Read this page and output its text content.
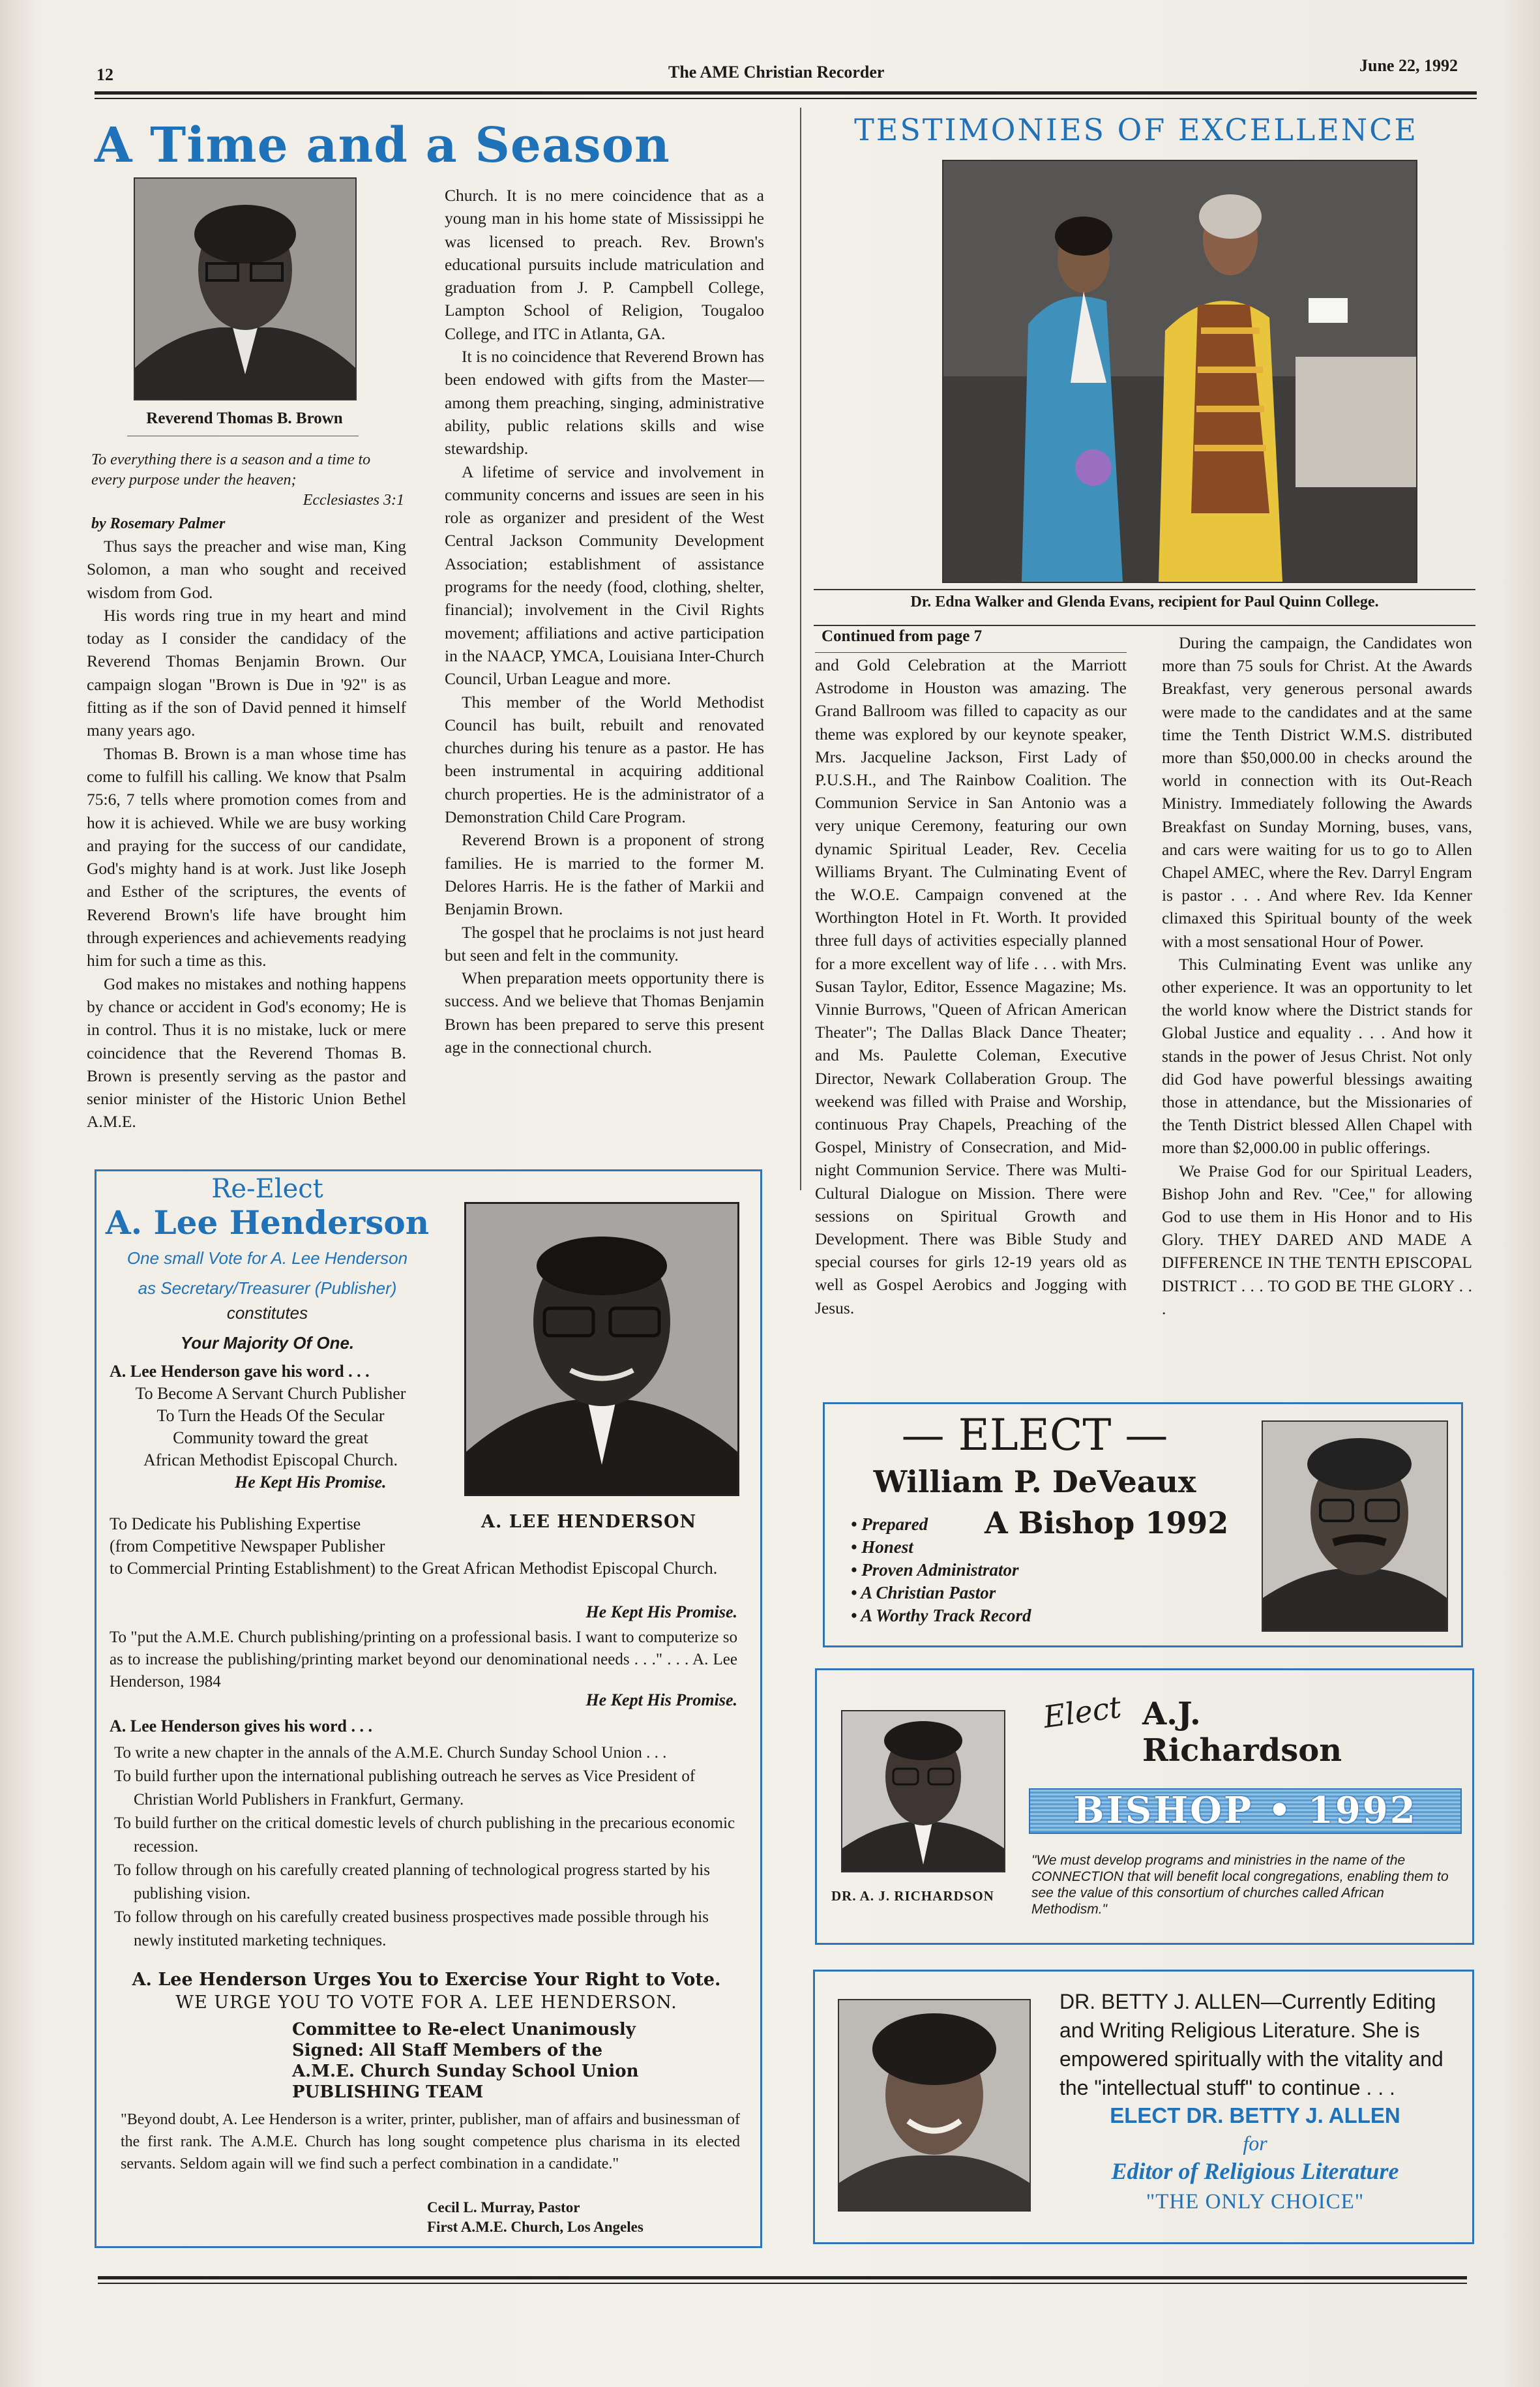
12	The AME Christian Recorder	June 22, 1992
A Time and a Season
Reverend Thomas B. Brown
To everything there is a season and a time to
every purpose under the heaven;
Ecclesiastes 3:1
by Rosemary Palmer

Thus says the preacher and wise man, King Solomon, a man who sought and received wisdom from God.

His words ring true in my heart and mind today as I consider the candidacy of the Reverend Thomas Benjamin Brown. Our campaign slogan "Brown is Due in '92" is as fitting as if the son of David penned it himself many years ago.

Thomas B. Brown is a man whose time has come to fulfill his calling. We know that Psalm 75:6, 7 tells where promotion comes from and how it is achieved. While we are busy working and praying for the success of our candidate, God's mighty hand is at work. Just like Joseph and Esther of the scriptures, the events of Reverend Brown's life have brought him through experiences and achievements readying him for such a time as this.

God makes no mistakes and nothing happens by chance or accident in God's economy; He is in control. Thus it is no mistake, luck or mere coincidence that the Reverend Thomas B. Brown is presently serving as the pastor and senior minister of the Historic Union Bethel A.M.E.

Church. It is no mere coincidence that as a young man in his home state of Mississippi he was licensed to preach. Rev. Brown's educational pursuits include matriculation and graduation from J. P. Campbell College, Lampton School of Religion, Tougaloo College, and ITC in Atlanta, GA.

It is no coincidence that Reverend Brown has been endowed with gifts from the Master—among them preaching, singing, administrative ability, public relations skills and wise stewardship.

A lifetime of service and involvement in community concerns and issues are seen in his role as organizer and president of the West Central Jackson Community Development Association; establishment of assistance programs for the needy (food, clothing, shelter, financial); involvement in the Civil Rights movement; affiliations and active participation in the NAACP, YMCA, Louisiana Inter-Church Council, Urban League and more.

This member of the World Methodist Council has built, rebuilt and renovated churches during his tenure as a pastor. He has been instrumental in acquiring additional church properties. He is the administrator of a Demonstration Child Care Program.

Reverend Brown is a proponent of strong families. He is married to the former M. Delores Harris. He is the father of Markii and Benjamin Brown.

The gospel that he proclaims is not just heard but seen and felt in the community.

When preparation meets opportunity there is success. And we believe that Thomas Benjamin Brown has been prepared to serve this present age in the connectional church.

Re-Elect
A. Lee Henderson
One small Vote for A. Lee Henderson
as Secretary/Treasurer (Publisher)
constitutes
Your Majority Of One.
A. Lee Henderson gave his word . . .
To Become A Servant Church Publisher
To Turn the Heads Of the Secular
Community toward the great
African Methodist Episcopal Church.
He Kept His Promise.
A. LEE HENDERSON
To Dedicate his Publishing Expertise
(from Competitive Newspaper Publisher
to Commercial Printing Establishment) to the Great African Methodist Episcopal Church.
He Kept His Promise.
To "put the A.M.E. Church publishing/printing on a professional basis. I want to computerize so as to increase the publishing/printing market beyond our denominational needs . . ." . . . A. Lee Henderson, 1984
He Kept His Promise.
A. Lee Henderson gives his word . . .
To write a new chapter in the annals of the A.M.E. Church Sunday School Union . . .
To build further upon the international publishing outreach he serves as Vice President of Christian World Publishers in Frankfurt, Germany.
To build further on the critical domestic levels of church publishing in the precarious economic recession.
To follow through on his carefully created planning of technological progress started by his publishing vision.
To follow through on his carefully created business prospectives made possible through his newly instituted marketing techniques.
A. Lee Henderson Urges You to Exercise Your Right to Vote.
WE URGE YOU TO VOTE FOR A. LEE HENDERSON.
Committee to Re-elect Unanimously
Signed: All Staff Members of the
A.M.E. Church Sunday School Union
PUBLISHING TEAM
"Beyond doubt, A. Lee Henderson is a writer, printer, publisher, man of affairs and businessman of the first rank. The A.M.E. Church has long sought competence plus charisma in its elected servants. Seldom again will we find such a perfect combination in a candidate."
Cecil L. Murray, Pastor
First A.M.E. Church, Los Angeles
TESTIMONIES OF EXCELLENCE
Dr. Edna Walker and Glenda Evans, recipient for Paul Quinn College.
Continued from page 7

and Gold Celebration at the Marriott Astrodome in Houston was amazing. The Grand Ballroom was filled to capacity as our theme was explored by our keynote speaker, Mrs. Jacqueline Jackson, First Lady of P.U.S.H., and The Rainbow Coalition. The Communion Service in San Antonio was a very unique Ceremony, featuring our own dynamic Spiritual Leader, Rev. Cecelia Williams Bryant. The Culminating Event of the W.O.E. Campaign convened at the Worthington Hotel in Ft. Worth. It provided three full days of activities especially planned for a more excellent way of life . . . with Mrs. Susan Taylor, Editor, Essence Magazine; Ms. Vinnie Burrows, "Queen of African American Theater"; The Dallas Black Dance Theater; and Ms. Paulette Coleman, Executive Director, Newark Collaberation Group. The weekend was filled with Praise and Worship, continuous Pray Chapels, Preaching of the Gospel, Ministry of Consecration, and Mid-night Communion Service. There was Multi-Cultural Dialogue on Mission. There were sessions on Spiritual Growth and Development. There was Bible Study and special courses for girls 12-19 years old as well as Gospel Aerobics and Jogging with Jesus.

During the campaign, the Candidates won more than 75 souls for Christ. At the Awards Breakfast, very generous personal awards were made to the candidates and at the same time the Tenth District W.M.S. distributed more than $50,000.00 in checks around the world in connection with its Out-Reach Ministry. Immediately following the Awards Breakfast on Sunday Morning, buses, vans, and cars were waiting for us to go to Allen Chapel AMEC, where the Rev. Darryl Engram is pastor . . . And where Rev. Ida Kenner climaxed this Spiritual bounty of the week with a most sensational Hour of Power.

This Culminating Event was unlike any other experience. It was an opportunity to let the world know where the District stands for Global Justice and equality . . . And how it stands in the power of Jesus Christ. Not only did God have powerful blessings awaiting those in attendance, but the Missionaries of the Tenth District blessed Allen Chapel with more than $2,000.00 in public offerings.

We Praise God for our Spiritual Leaders, Bishop John and Rev. "Cee," for allowing God to use them in His Honor and to His Glory. THEY DARED AND MADE A DIFFERENCE IN THE TENTH EPISCOPAL DISTRICT . . . TO GOD BE THE GLORY . . .

— ELECT —
William P. DeVeaux
A Bishop 1992
• Prepared
• Honest
• Proven Administrator
• A Christian Pastor
• A Worthy Track Record
DR. A. J. RICHARDSON
Elect A.J.
Richardson
BISHOP • 1992
"We must develop programs and ministries in the name of the CONNECTION that will benefit local congregations, enabling them to see the value of this consortium of churches called African Methodism."
DR. BETTY J. ALLEN—Currently Editing and Writing Religious Literature. She is empowered spiritually with the vitality and the "intellectual stuff" to continue . . .
ELECT DR. BETTY J. ALLEN
for
Editor of Religious Literature
"THE ONLY CHOICE"
